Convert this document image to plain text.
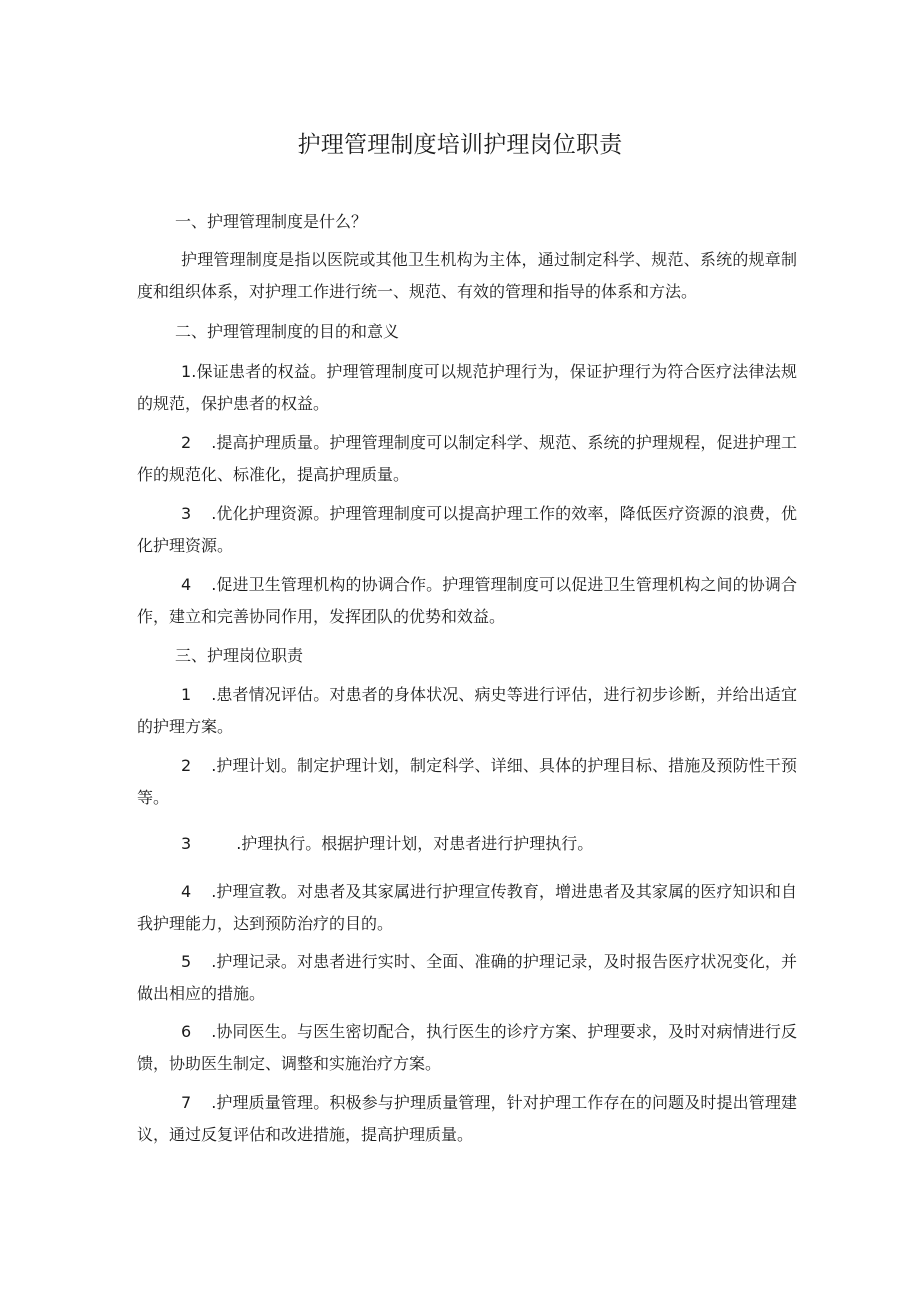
护理管理制度培训护理岗位职责
一、护理管理制度是什么？
护理管理制度是指以医院或其他卫生机构为主体，通过制定科学、规范、系统的规章制度和组织体系，对护理工作进行统一、规范、有效的管理和指导的体系和方法。
二、护理管理制度的目的和意义
1.保证患者的权益。护理管理制度可以规范护理行为，保证护理行为符合医疗法律法规的规范，保护患者的权益。
2 .提高护理质量。护理管理制度可以制定科学、规范、系统的护理规程，促进护理工作的规范化、标准化，提高护理质量。
3 .优化护理资源。护理管理制度可以提高护理工作的效率，降低医疗资源的浪费，优化护理资源。
4 .促进卫生管理机构的协调合作。护理管理制度可以促进卫生管理机构之间的协调合作，建立和完善协同作用，发挥团队的优势和效益。
三、护理岗位职责
1 .患者情况评估。对患者的身体状况、病史等进行评估，进行初步诊断，并给出适宜的护理方案。
2 .护理计划。制定护理计划，制定科学、详细、具体的护理目标、措施及预防性干预等。
3	.护理执行。根据护理计划，对患者进行护理执行。
4 .护理宣教。对患者及其家属进行护理宣传教育，增进患者及其家属的医疗知识和自我护理能力，达到预防治疗的目的。
5 .护理记录。对患者进行实时、全面、准确的护理记录，及时报告医疗状况变化，并做出相应的措施。
6 .协同医生。与医生密切配合，执行医生的诊疗方案、护理要求，及时对病情进行反馈，协助医生制定、调整和实施治疗方案。
7 .护理质量管理。积极参与护理质量管理，针对护理工作存在的问题及时提出管理建议，通过反复评估和改进措施，提高护理质量。
